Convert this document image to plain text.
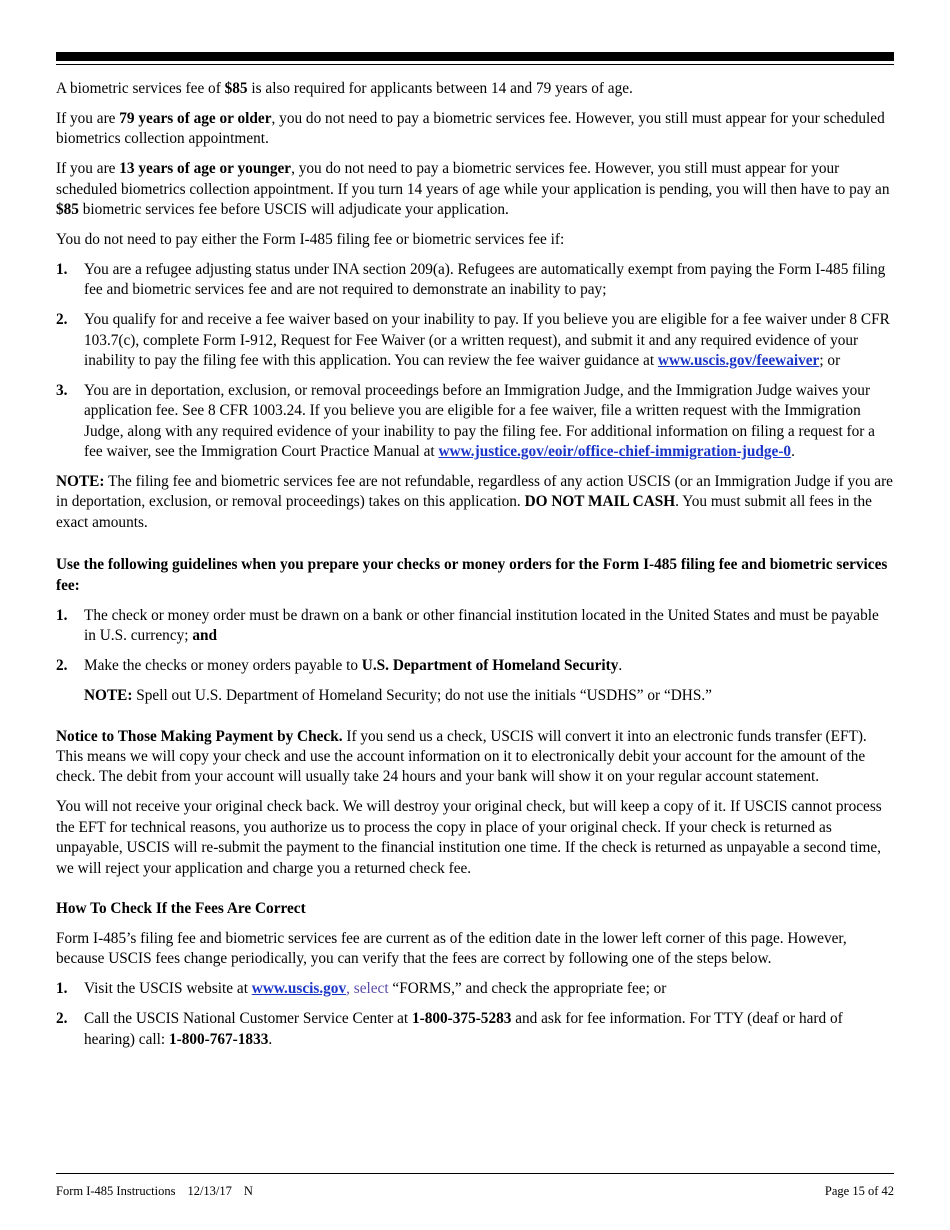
A biometric services fee of $85 is also required for applicants between 14 and 79 years of age.

If you are 79 years of age or older, you do not need to pay a biometric services fee. However, you still must appear for your scheduled biometrics collection appointment.

If you are 13 years of age or younger, you do not need to pay a biometric services fee. However, you still must appear for your scheduled biometrics collection appointment. If you turn 14 years of age while your application is pending, you will then have to pay an $85 biometric services fee before USCIS will adjudicate your application.

You do not need to pay either the Form I-485 filing fee or biometric services fee if:

1. You are a refugee adjusting status under INA section 209(a). Refugees are automatically exempt from paying the Form I-485 filing fee and biometric services fee and are not required to demonstrate an inability to pay;
2. You qualify for and receive a fee waiver based on your inability to pay. If you believe you are eligible for a fee waiver under 8 CFR 103.7(c), complete Form I-912, Request for Fee Waiver (or a written request), and submit it and any required evidence of your inability to pay the filing fee with this application. You can review the fee waiver guidance at www.uscis.gov/feewaiver; or
3. You are in deportation, exclusion, or removal proceedings before an Immigration Judge, and the Immigration Judge waives your application fee. See 8 CFR 1003.24. If you believe you are eligible for a fee waiver, file a written request with the Immigration Judge, along with any required evidence of your inability to pay the filing fee. For additional information on filing a request for a fee waiver, see the Immigration Court Practice Manual at www.justice.gov/eoir/office-chief-immigration-judge-0.

NOTE: The filing fee and biometric services fee are not refundable, regardless of any action USCIS (or an Immigration Judge if you are in deportation, exclusion, or removal proceedings) takes on this application. DO NOT MAIL CASH. You must submit all fees in the exact amounts.

Use the following guidelines when you prepare your checks or money orders for the Form I-485 filing fee and biometric services fee:

1. The check or money order must be drawn on a bank or other financial institution located in the United States and must be payable in U.S. currency; and
2. Make the checks or money orders payable to U.S. Department of Homeland Security.
NOTE: Spell out U.S. Department of Homeland Security; do not use the initials “USDHS” or “DHS.”

Notice to Those Making Payment by Check. If you send us a check, USCIS will convert it into an electronic funds transfer (EFT). This means we will copy your check and use the account information on it to electronically debit your account for the amount of the check. The debit from your account will usually take 24 hours and your bank will show it on your regular account statement.

You will not receive your original check back. We will destroy your original check, but will keep a copy of it. If USCIS cannot process the EFT for technical reasons, you authorize us to process the copy in place of your original check. If your check is returned as unpayable, USCIS will re-submit the payment to the financial institution one time. If the check is returned as unpayable a second time, we will reject your application and charge you a returned check fee.

How To Check If the Fees Are Correct

Form I-485’s filing fee and biometric services fee are current as of the edition date in the lower left corner of this page. However, because USCIS fees change periodically, you can verify that the fees are correct by following one of the steps below.

1. Visit the USCIS website at www.uscis.gov, select “FORMS,” and check the appropriate fee; or
2. Call the USCIS National Customer Service Center at 1-800-375-5283 and ask for fee information. For TTY (deaf or hard of hearing) call: 1-800-767-1833.
Form I-485 Instructions 12/13/17 N	Page 15 of 42
